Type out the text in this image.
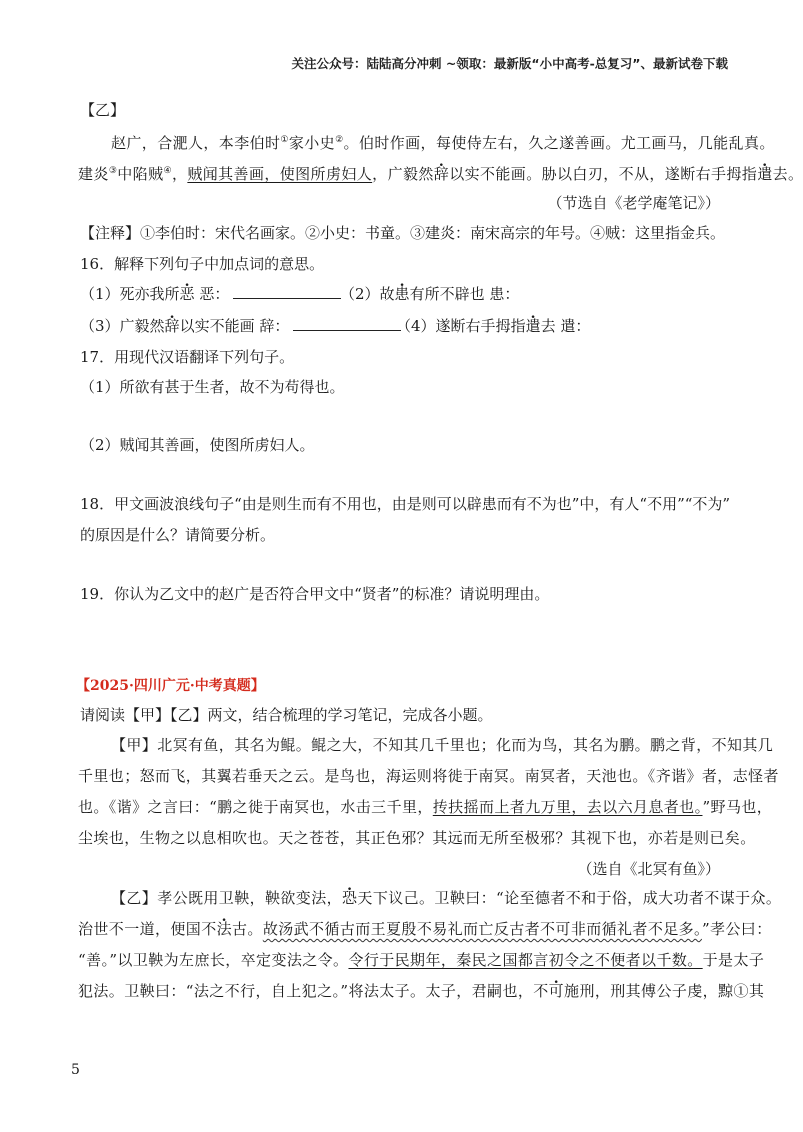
关注公众号：陆陆高分冲刺 ~领取：最新版“小中高考-总复习”、最新试卷下载
【乙】
赵广，合淝人，本李伯时①家小史②。伯时作画，每使侍左右，久之遂善画。尤工画马，几能乱真。
建炎③中陷贼④，贼闻其善画，使图所虏妇人，广毅然辞以实不能画。胁以白刃，不从，遂断右手拇指遣去。
（节选自《老学庵笔记》）
【注释】①李伯时：宋代名画家。②小史：书童。③建炎：南宋高宗的年号。④贼：这里指金兵。
16．解释下列句子中加点词的意思。
（1）死亦我所恶 恶：	（2）故患有所不辟也 患：
（3）广毅然辞以实不能画 辞：	（4）遂断右手拇指遣去 遣：
17．用现代汉语翻译下列句子。
（1）所欲有甚于生者，故不为苟得也。
（2）贼闻其善画，使图所虏妇人。
18．甲文画波浪线句子“由是则生而有不用也，由是则可以辟患而有不为也”中，有人“不用”“不为”
的原因是什么？请简要分析。
19．你认为乙文中的赵广是否符合甲文中“贤者”的标准？请说明理由。
【2025·四川广元·中考真题】
请阅读【甲】【乙】两文，结合梳理的学习笔记，完成各小题。
【甲】北冥有鱼，其名为鲲。鲲之大，不知其几千里也；化而为鸟，其名为鹏。鹏之背，不知其几
千里也；怒而飞，其翼若垂天之云。是鸟也，海运则将徙于南冥。南冥者，天池也。《齐谐》者，志怪者
也。《谐》之言曰：“鹏之徙于南冥也，水击三千里，抟扶摇而上者九万里，去以六月息者也。”野马也，
尘埃也，生物之以息相吹也。天之苍苍，其正色邪？其远而无所至极邪？其视下也，亦若是则已矣。
（选自《北冥有鱼》）
【乙】孝公既用卫鞅，鞅欲变法，恐天下议己。卫鞅曰：“论至德者不和于俗，成大功者不谋于众。
治世不一道，便国不法古。故汤武不循古而王夏殷不易礼而亡反古者不可非而循礼者不足多。”孝公曰：
“善。”以卫鞅为左庶长，卒定变法之令。令行于民期年，秦民之国都言初令之不便者以千数。于是太子
犯法。卫鞅曰：“法之不行，自上犯之。”将法太子。太子，君嗣也，不可施刑，刑其傅公子虔，黥①其
5
